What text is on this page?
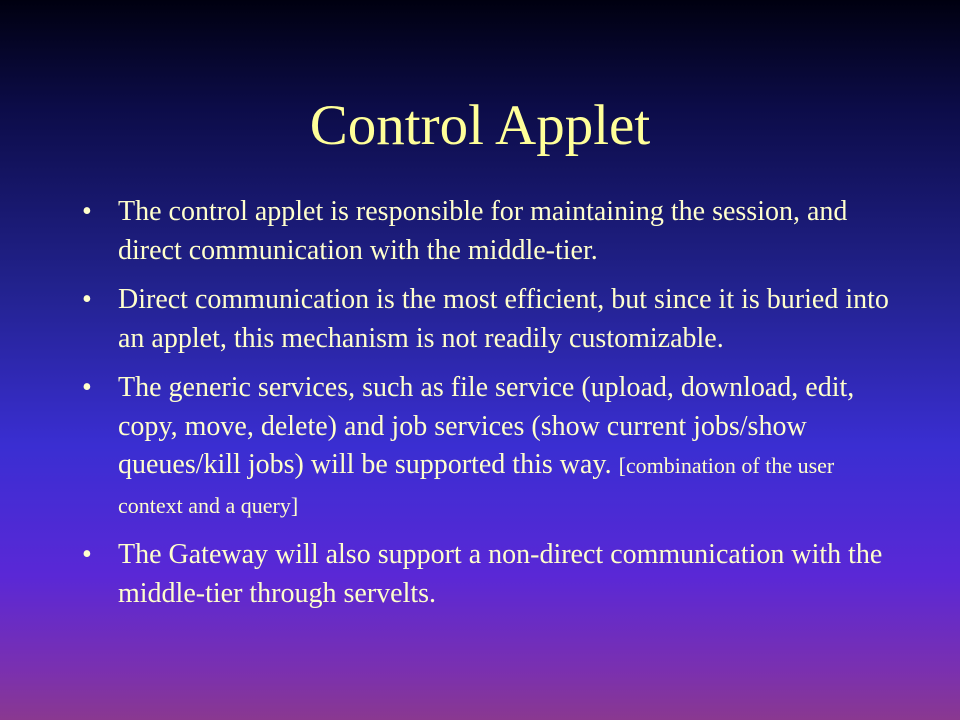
Control Applet
• The control applet is responsible for maintaining the session, and direct communication with the middle-tier.
• Direct communication is the most efficient, but since it is buried into an applet, this mechanism is not readily customizable.
• The generic services, such as file service (upload, download, edit, copy, move, delete) and job services (show current jobs/show queues/kill jobs) will be supported this way. [combination of the user context and a query]
• The Gateway will also support a non-direct communication with the middle-tier through servelts.
